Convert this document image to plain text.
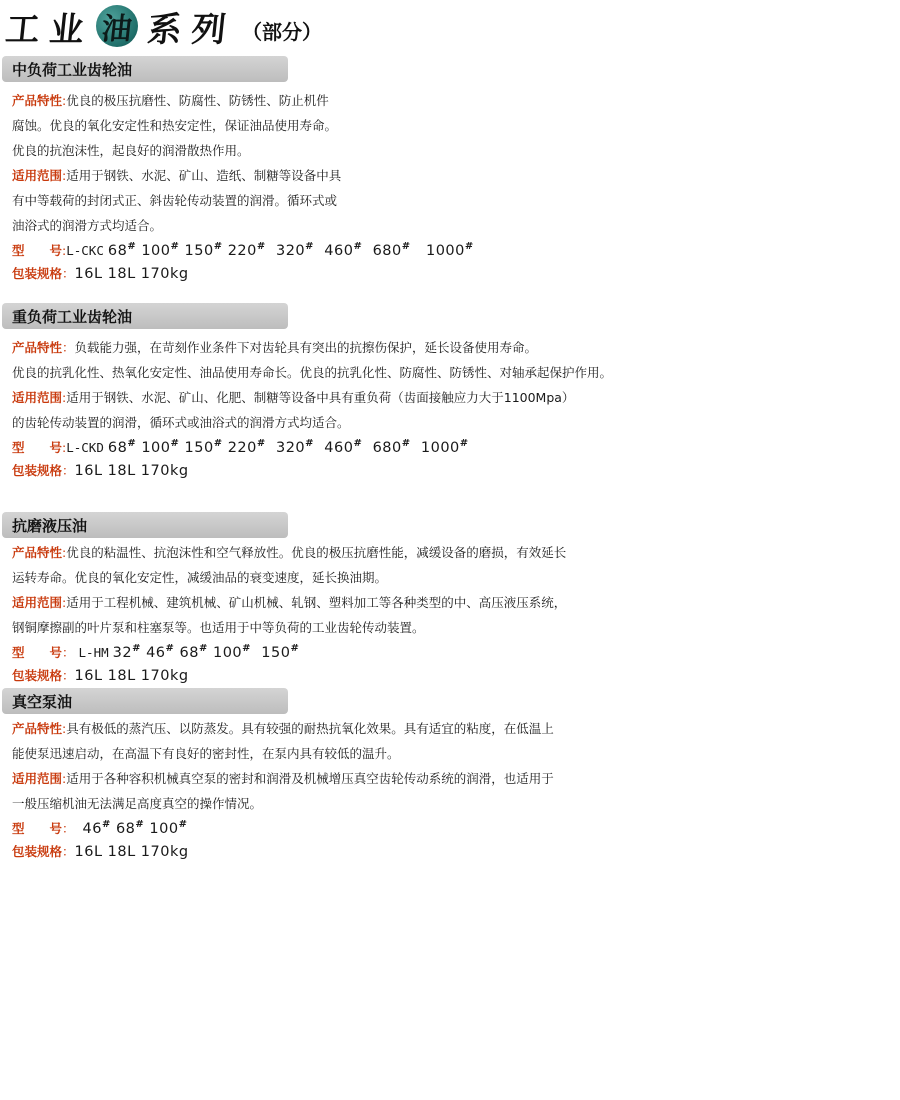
工
业 油 系
列 （部分）
中负荷工业齿轮油
产品特性:优良的极压抗磨性、防腐性、防锈性、防止机件
腐蚀。优良的氧化安定性和热安定性，保证油品使用寿命。
优良的抗泡沫性，起良好的润滑散热作用。
适用范围:适用于钢铁、水泥、矿山、造纸、制糖等设备中具
有中等载荷的封闭式正、斜齿轮传动装置的润滑。循环式或
油浴式的润滑方式均适合。
型　　号:L-CKC 68# 100# 150# 220# 320# 460# 680# 1000#
包装规格：16L 18L 170kg
重负荷工业齿轮油
产品特性：负载能力强，在苛刻作业条件下对齿轮具有突出的抗擦伤保护，延长设备使用寿命。
优良的抗乳化性、热氧化安定性、油品使用寿命长。优良的抗乳化性、防腐性、防锈性、对轴承起保护作用。
适用范围:适用于钢铁、水泥、矿山、化肥、制糖等设备中具有重负荷（齿面接触应力大于1100Mpa）
的齿轮传动装置的润滑，循环式或油浴式的润滑方式均适合。
型　　号:L-CKD 68# 100# 150# 220# 320# 460# 680# 1000#
包装规格：16L 18L 170kg
抗磨液压油
产品特性:优良的粘温性、抗泡沫性和空气释放性。优良的极压抗磨性能，减缓设备的磨损，有效延长
运转寿命。优良的氧化安定性，减缓油品的衰变速度，延长换油期。
适用范围:适用于工程机械、建筑机械、矿山机械、轧钢、塑料加工等各种类型的中、高压液压系统，
钢铜摩擦副的叶片泵和柱塞泵等。也适用于中等负荷的工业齿轮传动装置。
型　　号： L-HM 32# 46# 68# 100# 150#
包装规格：16L 18L 170kg
真空泵油
产品特性:具有极低的蒸汽压、以防蒸发。具有较强的耐热抗氧化效果。具有适宜的粘度，在低温上
能使泵迅速启动，在高温下有良好的密封性，在泵内具有较低的温升。
适用范围:适用于各种容积机械真空泵的密封和润滑及机械增压真空齿轮传动系统的润滑，也适用于
一般压缩机油无法满足高度真空的操作情况。
型　　号： 46# 68# 100#
包装规格：16L 18L 170kg
